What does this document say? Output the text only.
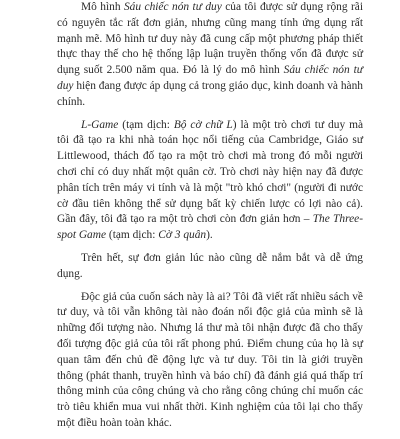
Mô hình Sáu chiếc nón tư duy của tôi được sử dụng rộng rãi có nguyên tắc rất đơn giản, nhưng cũng mang tính ứng dụng rất mạnh mẽ. Mô hình tư duy này đã cung cấp một phương pháp thiết thực thay thế cho hệ thống lập luận truyền thống vốn đã được sử dụng suốt 2.500 năm qua. Đó là lý do mô hình Sáu chiếc nón tư duy hiện đang được áp dụng cả trong giáo dục, kinh doanh và hành chính.

L-Game (tạm dịch: Bộ cờ chữ L) là một trò chơi tư duy mà tôi đã tạo ra khi nhà toán học nổi tiếng của Cambridge, Giáo sư Littlewood, thách đố tạo ra một trò chơi mà trong đó mỗi người chơi chỉ có duy nhất một quân cờ. Trò chơi này hiện nay đã được phân tích trên máy vi tính và là một "trò khó chơi" (người đi nước cờ đầu tiên không thể sử dụng bất kỳ chiến lược có lợi nào cả). Gần đây, tôi đã tạo ra một trò chơi còn đơn giản hơn – The Three-spot Game (tạm dịch: Cờ 3 quân).

Trên hết, sự đơn giản lúc nào cũng dễ nắm bắt và dễ ứng dụng.

Độc giả của cuốn sách này là ai? Tôi đã viết rất nhiều sách về tư duy, và tôi vẫn không tài nào đoán nổi độc giả của mình sẽ là những đối tượng nào. Nhưng lá thư mà tôi nhận được đã cho thấy đối tượng độc giả của tôi rất phong phú. Điểm chung của họ là sự quan tâm đến chủ đề động lực và tư duy. Tôi tin là giới truyền thông (phát thanh, truyền hình và báo chí) đã đánh giá quá thấp trí thông minh của công chúng và cho rằng công chúng chỉ muốn các trò tiêu khiển mua vui nhất thời. Kinh nghiệm của tôi lại cho thấy một điều hoàn toàn khác.
